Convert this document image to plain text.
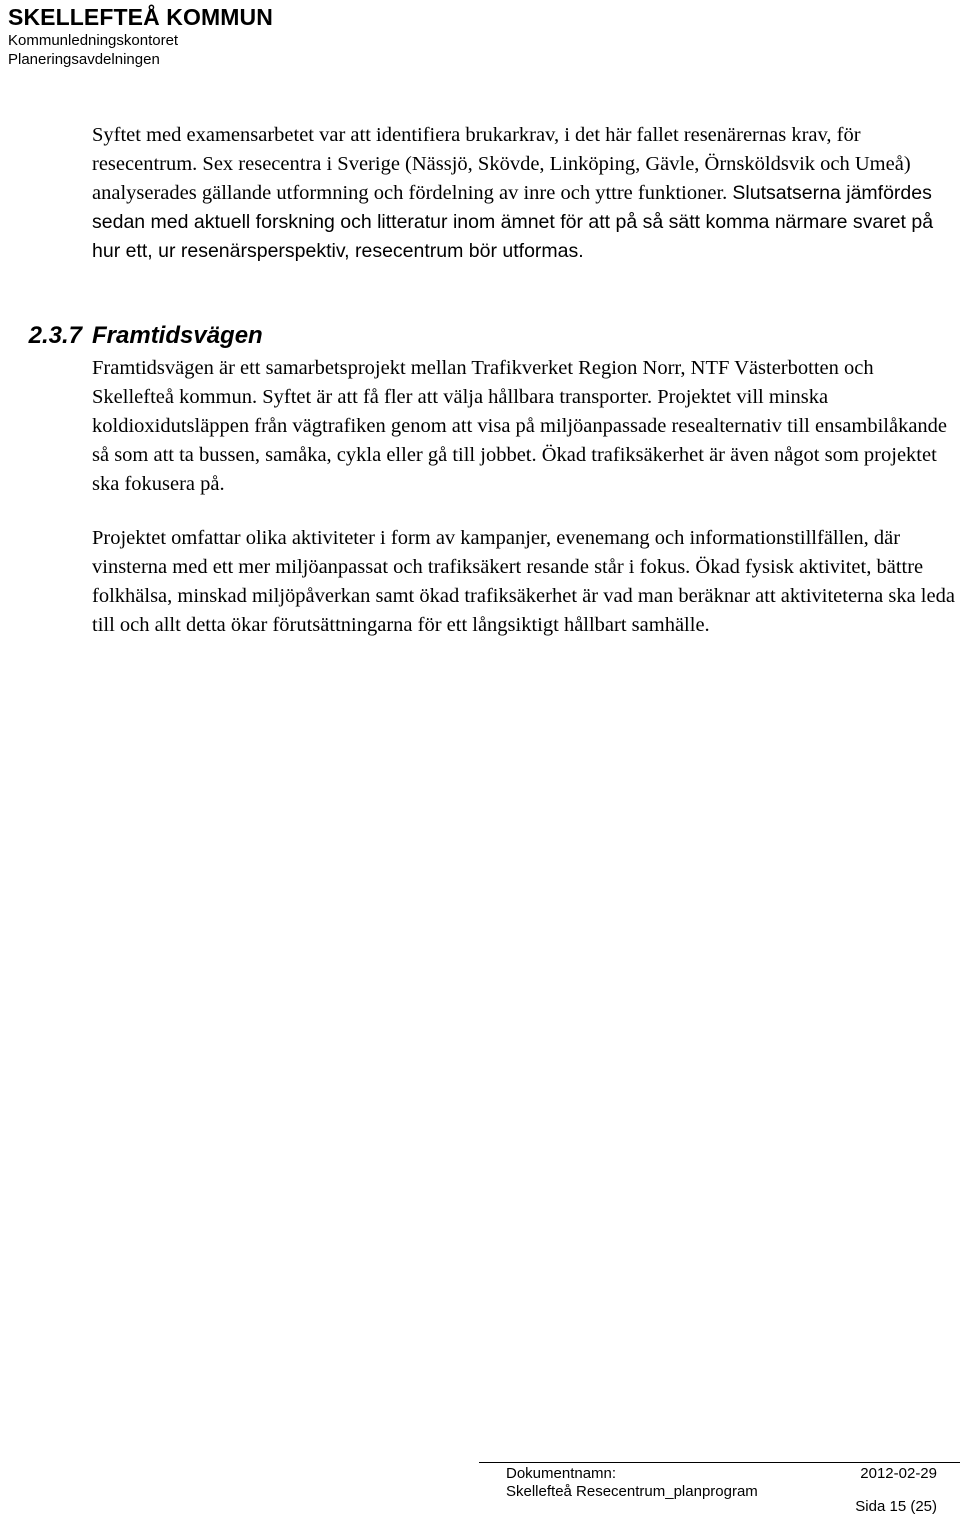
SKELLEFTEÅ KOMMUN
Kommunledningskontoret
Planeringsavdelningen
Syftet med examensarbetet var att identifiera brukarkrav, i det här fallet resenärernas krav, för resecentrum. Sex resecentra i Sverige (Nässjö, Skövde, Linköping, Gävle, Örnsköldsvik och Umeå) analyserades gällande utformning och fördelning av inre och yttre funktioner. Slutsatserna jämfördes sedan med aktuell forskning och litteratur inom ämnet för att på så sätt komma närmare svaret på hur ett, ur resenärsperspektiv, resecentrum bör utformas.
2.3.7 Framtidsvägen
Framtidsvägen är ett samarbetsprojekt mellan Trafikverket Region Norr, NTF Västerbotten och Skellefteå kommun. Syftet är att få fler att välja hållbara transporter. Projektet vill minska koldioxidutsläppen från vägtrafiken genom att visa på miljöanpassade resealternativ till ensambilåkande så som att ta bussen, samåka, cykla eller gå till jobbet. Ökad trafiksäkerhet är även något som projektet ska fokusera på.
Projektet omfattar olika aktiviteter i form av kampanjer, evenemang och informationstillfällen, där vinsterna med ett mer miljöanpassat och trafiksäkert resande står i fokus. Ökad fysisk aktivitet, bättre folkhälsa, minskad miljöpåverkan samt ökad trafiksäkerhet är vad man beräknar att aktiviteterna ska leda till och allt detta ökar förutsättningarna för ett långsiktigt hållbart samhälle.
Dokumentnamn:	2012-02-29
Skellefteå Resecentrum_planprogram
Sida 15 (25)
